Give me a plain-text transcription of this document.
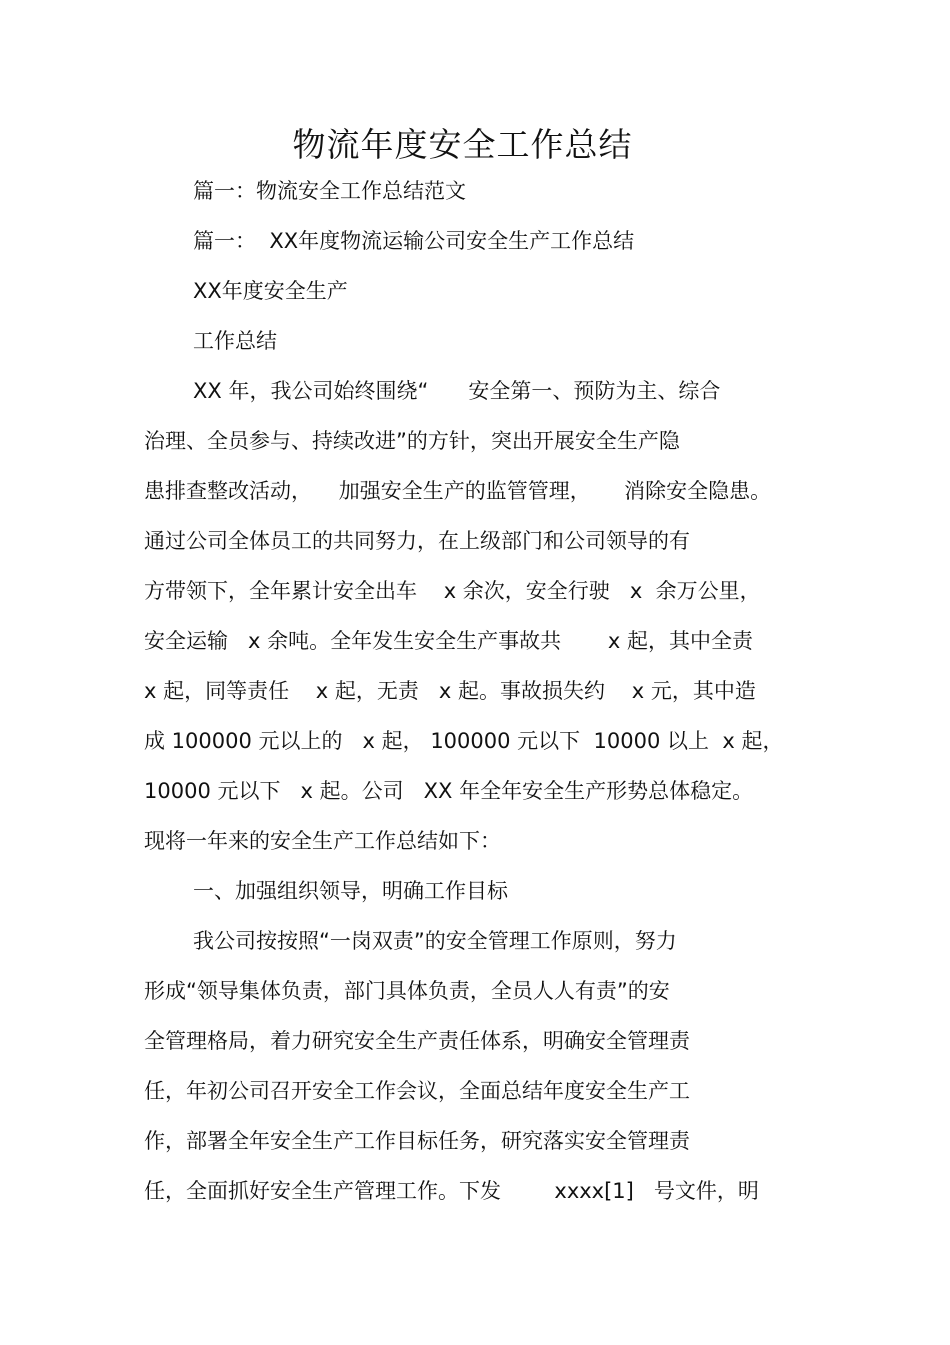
物流年度安全工作总结
篇一：物流安全工作总结范文
篇一：  XX年度物流运输公司安全生产工作总结
XX年度安全生产
工作总结
XX 年，我公司始终围绕“      安全第一、预防为主、综合
治理、全员参与、持续改进”的方针，突出开展安全生产隐
患排查整改活动，    加强安全生产的监管管理，     消除安全隐患。
通过公司全体员工的共同努力，在上级部门和公司领导的有
方带领下，全年累计安全出车    x 余次，安全行驶   x  余万公里，
安全运输   x 余吨。全年发生安全生产事故共       x 起，其中全责
x 起，同等责任    x 起，无责   x 起。事故损失约    x 元，其中造
成 100000 元以上的   x 起， 100000 元以下  10000 以上  x 起，
10000 元以下   x 起。公司   XX 年全年安全生产形势总体稳定。
现将一年来的安全生产工作总结如下：
一、加强组织领导，明确工作目标
我公司按按照“一岗双责”的安全管理工作原则，努力
形成“领导集体负责，部门具体负责，全员人人有责”的安
全管理格局，着力研究安全生产责任体系，明确安全管理责
任，年初公司召开安全工作会议，全面总结年度安全生产工
作，部署全年安全生产工作目标任务，研究落实安全管理责
任，全面抓好安全生产管理工作。下发        xxxx[1]   号文件，明
